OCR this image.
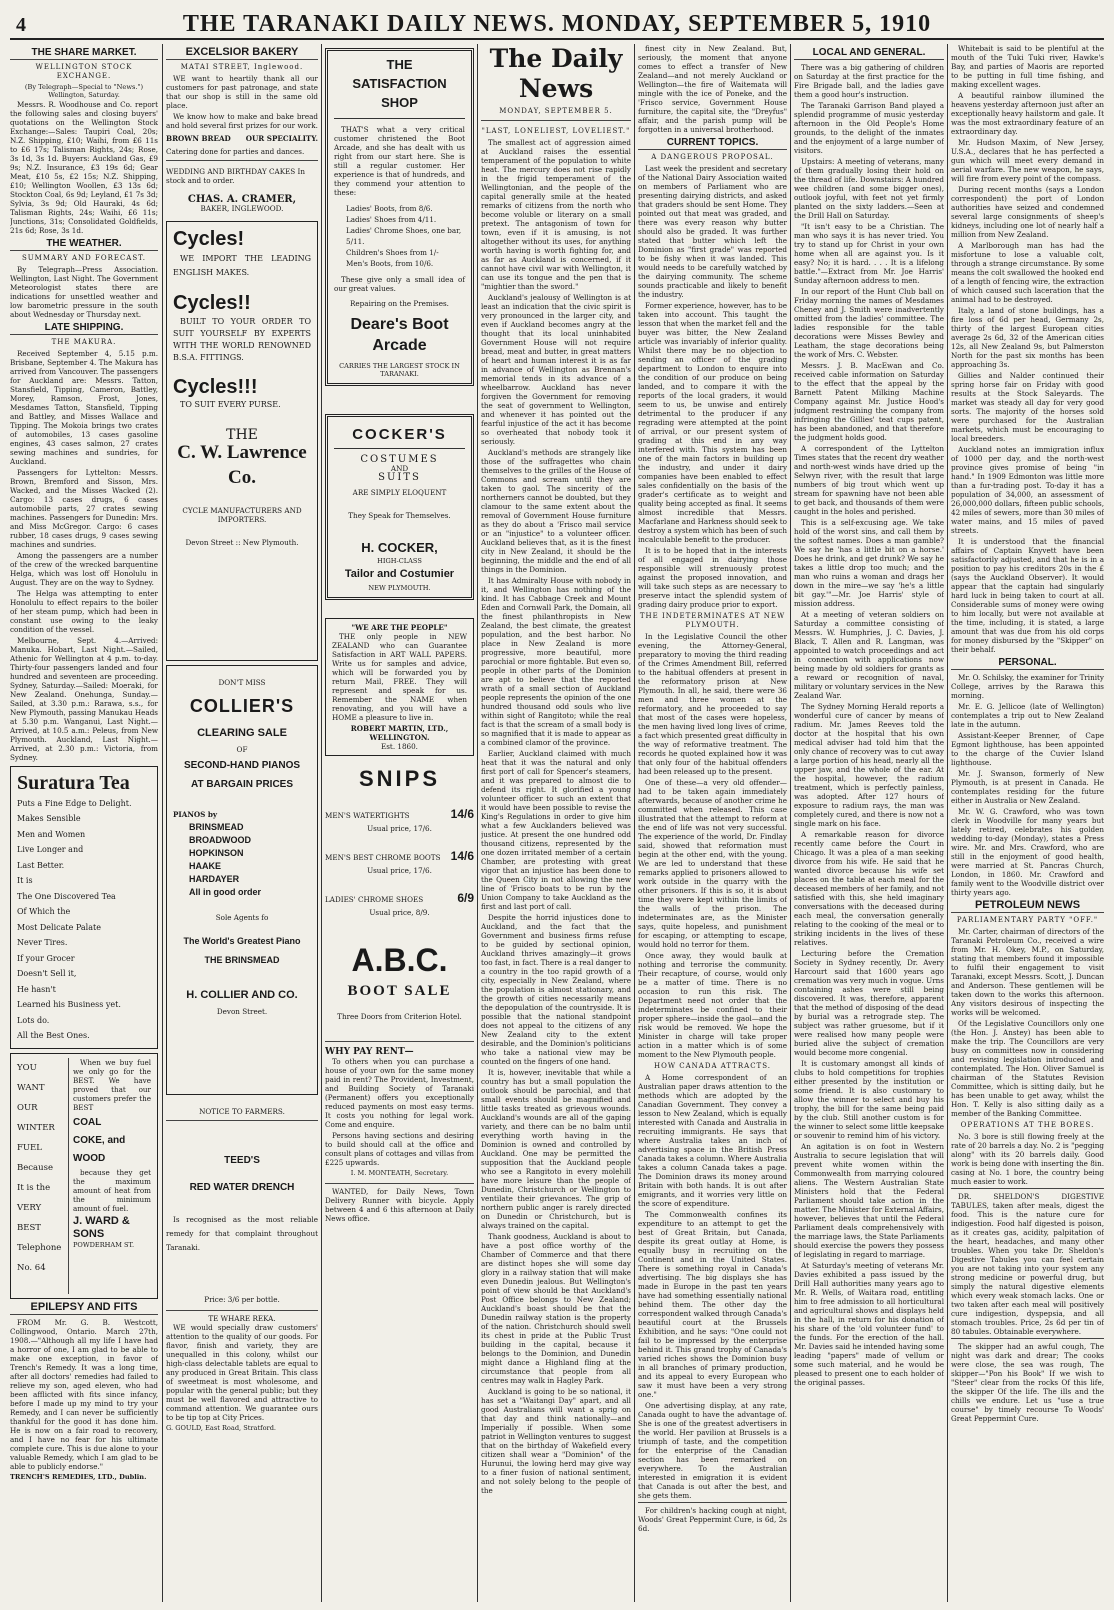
4	THE TARANAKI DAILY NEWS. MONDAY, SEPTEMBER 5, 1910
THE SHARE MARKET.
WELLINGTON STOCK EXCHANGE.
(By Telegraph—Special to "News.") Wellington, Saturday.

Messrs. R. Woodhouse and Co. report the following sales and closing buyers' quotations on the Wellington Stock Exchange:—Sales: Taupiri Coal, 20s; N.Z. Shipping, £10; Waihi, from £6 11s to £6 17s; Talisman Rights, 24s; Rose, 3s 1d, 3s 1d. Buyers: Auckland Gas, £9 9s; N.Z. Insurance, £3 19s 6d; Gear Meat, £10 5s, £2 15s; N.Z. Shipping, £10; Wellington Woollen, £3 13s 6d; Stockton Coal, 6s 9d; Leyland, £1 7s 3d; Sylvia, 3s 9d; Old Hauraki, 4s 6d; Talisman Rights, 24s; Waihi, £6 11s; Junctions, 31s; Consolidated Goldfields, 21s 6d; Rose, 3s 1d.

THE WEATHER.
SUMMARY AND FORECAST.

By Telegraph—Press Association. Wellington, Last Night. The Government Meteorologist states there are indications for unsettled weather and low barometric pressure in the south about Wednesday or Thursday next.

LATE SHIPPING.
THE MAKURA.

Received September 4, 5.15 p.m. Brisbane, September 4. The Makura has arrived from Vancouver. The passengers for Auckland are: Messrs. Tatton, Stansfield, Tipping, Cameron, Battley, Morey, Ramson, Frost, Jones, Mesdames Tatton, Stansfield, Tipping and Battley, and Misses Wallace and Tipping. The Mokoia brings two crates of automobiles, 13 cases gasoline engines, 43 cases salmon, 27 crates sewing machines and sundries, for Auckland.

Passengers for Lyttelton: Messrs. Brown, Bremford and Sisson, Mrs. Wacked, and the Misses Wacked (2). Cargo: 13 cases drugs, 6 cases automobile parts, 27 crates sewing machines. Passengers for Dunedin: Mrs. and Miss McGregor. Cargo: 6 cases rubber, 18 cases drugs, 9 cases sewing machines and sundries.

Among the passengers are a number of the crew of the wrecked barquentine Helga, which was lost off Honolulu in August. They are on the way to Sydney.

The Helga was attempting to enter Honolulu to effect repairs to the boiler of her steam pump, which had been in constant use owing to the leaky condition of the vessel.

Melbourne, Sept. 4.—Arrived: Manuka. Hobart, Last Night.—Sailed, Athenic for Wellington at 4 p.m. to-day. Thirty-four passengers landed and four hundred and seventeen are proceeding. Sydney, Saturday.—Sailed: Moeraki, for New Zealand. Onehunga, Sunday.—Sailed, at 3.30 p.m.: Rarawa, s.s., for New Plymouth, passing Manukau Heads at 5.30 p.m. Wanganui, Last Night.—Arrived, at 10.5 a.m.: Peleus, from New Plymouth. Auckland, Last Night.—Arrived, at 2.30 p.m.: Victoria, from Sydney.

Suratura Tea
Puts a Fine Edge to Delight.
Makes Sensible
Men and Women
Live Longer and
Last Better.
It is
The One Discovered Tea
Of Which the
Most Delicate Palate
Never Tires.
If your Grocer
Doesn't Sell it,
He hasn't
Learned his Business yet.
Lots do.
All the Best Ones.
YOU
WANT
OUR
WINTER
FUEL
Because
It is the
VERY
BEST
Telephone
No. 64

When we buy fuel we only go for the BEST. We have proved that our customers prefer the BEST

COAL
COKE, and
WOOD

because they get the maximum amount of heat from the minimum amount of fuel.

J. WARD & SONS
POWDERHAM ST.
EPILEPSY AND FITS

FROM Mr. G. B. Westcott, Collingwood, Ontario. March 27th, 1908.—"Although all my life I have had a horror of one, I am glad to be able to make one exception, in favor of Trench's Remedy. It was a long time, after all doctors' remedies had failed to relieve my son, aged eleven, who had been afflicted with fits since infancy, before I made up my mind to try your Remedy, and I can never be sufficiently thankful for the good it has done him. He is now on a fair road to recovery, and I have no fear for his ultimate complete cure. This is due alone to your valuable Remedy, which I am glad to be able to publicly endorse."

TRENCH'S REMEDIES, LTD., Dublin.
EXCELSIOR BAKERY
MATAI STREET, Inglewood.

WE want to heartily thank all our customers for past patronage, and state that our shop is still in the same old place.

We know how to make and bake bread and hold several first prizes for our work.

BROWN BREAD OUR SPECIALITY.
Catering done for parties and dances.
WEDDING AND BIRTHDAY CAKES In stock and to order.
CHAS. A. CRAMER,
BAKER, INGLEWOOD.
Cycles!

WE IMPORT THE LEADING ENGLISH MAKES.

Cycles!!

BUILT TO YOUR ORDER TO SUIT YOURSELF BY EXPERTS WITH THE WORLD RENOWNED B.S.A. FITTINGS.

Cycles!!!

TO SUIT EVERY PURSE.

THE
C. W. Lawrence Co.
CYCLE MANUFACTURERS AND IMPORTERS.
Devon Street :: New Plymouth.
DON'T MISS
COLLIER'S
CLEARING SALE
OF
SECOND-HAND PIANOS
AT BARGAIN PRICES
PIANOS by
BRINSMEAD
BROADWOOD
HOPKINSON
HAAKE
HARDAYER
All in good order
Sole Agents fo
The World's Greatest Piano
THE BRINSMEAD
H. COLLIER AND CO.
Devon Street.
NOTICE TO FARMERS.
TEED'S
RED WATER DRENCH

Is recognised as the most reliable remedy for that complaint throughout Taranaki.

Price: 3/6 per bottle.
TE WHARE REKA.

WE would specially draw customers' attention to the quality of our goods. For flavor, finish and variety, they are unequalled in this colony, whilst our high-class delectable tablets are equal to any produced in Great Britain. This class of sweetmeat is most wholesome, and popular with the general public; but they must be well flavored and attractive to command attention. We guarantee ours to be tip top at City Prices.

G. GOULD, East Road, Stratford.
THE
SATISFACTION SHOP

THAT'S what a very critical customer christened the Boot Arcade, and she has dealt with us right from our start here. She is still a regular customer. Her experience is that of hundreds, and they commend your attention to these:

Ladies' Boots, from 8/6.
Ladies' Shoes from 4/11.
Ladies' Chrome Shoes, one bar, 5/11.
Children's Shoes from 1/-
Men's Boots, from 10/6.

These give only a small idea of our great values.

Repairing on the Premises.
Deare's Boot Arcade
CARRIES THE LARGEST STOCK IN TARANAKI.
COCKER'S
COSTUMES
AND
SUITS
ARE SIMPLY ELOQUENT
They Speak for Themselves.
H. COCKER,
HIGH-CLASS
Tailor and Costumier
NEW PLYMOUTH.
"WE ARE THE PEOPLE"

THE only people in NEW ZEALAND who can Guarantee Satisfaction in ART WALL PAPERS. Write us for samples and advice, which will be forwarded you by return Mail, FREE. They will represent and speak for us. Remember the NAME when renovating, and you will have a HOME a pleasure to live in.

ROBERT MARTIN, LTD., WELLINGTON.
Est. 1860.
SNIPS
MEN'S WATERTIGHTS	14/6
Usual price, 17/6.
MEN'S BEST CHROME BOOTS 14/6
Usual price, 17/6.
LADIES' CHROME SHOES	6/9
Usual price, 8/9.
A.B.C.
BOOT SALE
Three Doors from Criterion Hotel.
WHY PAY RENT—

To others when you can purchase a house of your own for the same money paid in rent? The Provident, Investment, and Building Society of Taranaki (Permanent) offers you exceptionally reduced payments on most easy terms. It costs you nothing for legal work. Come and enquire.

Persons having sections and desiring to build should call at the office and consult plans of cottages and villas from £225 upwards.

I. M. MONTEATH, Secretary.

WANTED, for Daily News, Town Delivery Runner with bicycle. Apply between 4 and 6 this afternoon at Daily News office.

The Daily News
MONDAY, SEPTEMBER 5.
"LAST, LONELIEST, LOVELIEST."

The smallest act of aggression aimed at Auckland raises the essential temperament of the population to white heat. The mercury does not rise rapidly in the frigid temperament of the Wellingtonian, and the people of the capital generally smile at the heated remarks of citizens from the north who become voluble or literary on a small pretext. The antagonism of town for town, even if it is amusing, is not altogether without its uses, for anything worth having is worth fighting for, and as far as Auckland is concerned, if it cannot have civil war with Wellington, it can use its tongue and the pen that is "mightier than the sword."

Auckland's jealousy of Wellington is at least an indication that the civic spirit is very pronounced in the larger city, and even if Auckland becomes angry at the thought that its local uninhabited Government House will not require bread, meat and butter, in great matters of heart and human interest it is as far in advance of Wellington as Brennan's memorial tends in its advance of a wheelbarrow. Auckland has never forgiven the Government for removing the seat of government to Wellington, and whenever it has pointed out the fearful injustice of the act it has become so overheated that nobody took it seriously.

Auckland's methods are strangely like those of the suffragettes who chain themselves to the grilles of the House of Commons and scream until they are taken to gaol. The sincerity of the northerners cannot be doubted, but they clamour to the same extent about the removal of Government House furniture as they do about a 'Frisco mail service or an "injustice" to a volunteer officer. Auckland believes that, as it is the finest city in New Zealand, it should be the beginning, the middle and the end of all things in the Dominion.

It has Admiralty House with nobody in it, and Wellington has nothing of the kind. It has Cabbage Creek and Mount Eden and Cornwall Park, the Domain, all the finest philanthropists in New Zealand, the best climate, the greatest population, and the best harbor. No place in New Zealand is more progressive, more beautiful, more parochial or more fightable. But even so, people in other parts of the Dominion are apt to believe that the reported wrath of a small section of Auckland people represents the opinion of the one hundred thousand odd souls who live within sight of Rangitoto; while the real fact is that the scream of a small body is so magnified that it is made to appear as a combined clamor of the province.

Earlier, Auckland claimed with much heat that it was the natural and only first port of call for Spencer's steamers, and it was prepared to almost die to defend its right. It glorified a young volunteer officer to such an extent that it would have been possible to revise the King's Regulations in order to give him what a few Aucklanders believed was justice. At present the one hundred odd thousand citizens, represented by the one dozen irritated member of a certain Chamber, are protesting with great vigor that an injustice has been done to the Queen City in not allowing the new line of 'Frisco boats to be run by the Union Company to take Auckland as the first and last port of call.

Despite the horrid injustices done to Auckland, and the fact that the Government and business firms refuse to be guided by sectional opinion, Auckland thrives amazingly—it grows too fast, in fact. There is a real danger to a country in the too rapid growth of a city, especially in New Zealand, where the population is almost stationary, and the growth of cities necessarily means the depopulation of the countryside. It is possible that the national standpoint does not appeal to the citizens of any New Zealand city to the extent desirable, and the Dominion's politicians who take a national view may be counted on the fingers of one hand.

It is, however, inevitable that while a country has but a small population the outlook should be parochial, and that small events should be magnified and little tasks treated as grievous wounds. Auckland's wounds are all of the gaping variety, and there can be no balm until everything worth having in the Dominion is owned and controlled by Auckland. One may be permitted the supposition that the Auckland people who see a Rangitoto in every molehill have more leisure than the people of Dunedin, Christchurch or Wellington to ventilate their grievances. The grip of northern public anger is rarely directed on Dunedin or Christchurch, but is always trained on the capital.

Thank goodness, Auckland is about to have a post office worthy of the Chamber of Commerce and that there are distinct hopes she will some day glory in a railway station that will make even Dunedin jealous. But Wellington's point of view should be that Auckland's Post Office belongs to New Zealand; Auckland's boast should be that the Dunedin railway station is the property of the nation. Christchurch should swell its chest in pride at the Public Trust building in the capital, because it belongs to the Dominion, and Dunedin might dance a Highland fling at the circumstance that people from all centres may walk in Hagley Park.

Auckland is going to be so national, it has set a "Waitangi Day" apart, and all good Australians will want a sprig on that day and think nationally—and Imperially if possible. When some patriot in Wellington ventures to suggest that on the birthday of Wakefield every citizen shall wear a "Dominion" of the Hurunui, the lowing herd may give way to a finer fusion of national sentiment, and not solely belong to the people of the

finest city in New Zealand. But, seriously, the moment that anyone comes to effect a transfer of New Zealand—and not merely Auckland or Wellington—the fire of Waitemata will mingle with the ice of Poneke, and the 'Frisco service, Government House furniture, the capital site, the "Dreyfus" affair, and the parish pump will be forgotten in a universal brotherhood.

CURRENT TOPICS.
A DANGEROUS PROPOSAL.

Last week the president and secretary of the National Dairy Association waited on members of Parliament who are presenting dairying districts, and asked that graders should be sent Home. They pointed out that meat was graded, and there was every reason why butter should also be graded. It was further stated that butter which left the Dominion as "first grade" was reported to be fishy when it was landed. This would needs to be carefully watched by the dairying community. The scheme sounds practicable and likely to benefit the industry.

Former experience, however, has to be taken into account. This taught the lesson that when the market fell and the buyer was bitter, the New Zealand article was invariably of inferior quality. Whilst there may be no objection to sending an officer of the grading department to London to enquire into the condition of our produce on being landed, and to compare it with the reports of the local graders, it would seem to us, be unwise and entirely detrimental to the producer if any regrading were attempted at the point of arrival, or our present system of grading at this end in any way interfered with. This system has been one of the main factors in building up the industry, and under it dairy companies have been enabled to effect sales confidentially on the basis of the grader's certificate as to weight and quality being accepted as final. It seems almost incredible that Messrs. Macfarlane and Harkness should seek to destroy a system which has been of such incalculable benefit to the producer.

It is to be hoped that in the interests of all engaged in dairying those responsible will strenuously protest against the proposed innovation, and will take such steps as are necessary to preserve intact the splendid system of grading dairy produce prior to export.

THE INDETERMINATES AT NEW PLYMOUTH.

In the Legislative Council the other evening, the Attorney-General, preparatory to moving the third reading of the Crimes Amendment Bill, referred to the habitual offenders at present in the reformatory prison at New Plymouth. In all, he said, there were 36 men and three women at the reformatory, and he proceeded to say that most of the cases were hopeless, the men having lived long lives of crime, a fact which presented great difficulty in the way of reformative treatment. The records he quoted explained how it was that only four of the habitual offenders had been released up to the present.

One of these—a very old offender—had to be taken again immediately afterwards, because of another crime he committed when released. This case illustrated that the attempt to reform at the end of life was not very successful. The experience of the world, Dr. Findlay said, showed that reformation must begin at the other end, with the young. We are led to understand that these remarks applied to prisoners allowed to work outside in the quarry with the other prisoners. If this is so, it is about time they were kept within the limits of the walls of the prison. The indeterminates are, as the Minister says, quite hopeless, and punishment for escaping, or attempting to escape, would hold no terror for them.

Once away, they would baulk at nothing and terrorise the community. Their recapture, of course, would only be a matter of time. There is no occasion to run this risk. The Department need not order that the indeterminates be confined to their proper sphere—inside the gaol—and the risk would be removed. We hope the Minister in charge will take proper action in a matter which is of some moment to the New Plymouth people.

HOW CANADA ATTRACTS.

A Home correspondent of an Australian paper draws attention to the methods which are adopted by the Canadian Government. They convey a lesson to New Zealand, which is equally interested with Canada and Australia in recruiting immigrants. He says that where Australia takes an inch of advertising space in the British Press Canada takes a column. Where Australia takes a column Canada takes a page. The Dominion draws its money around Britain with both hands. It is out after emigrants, and it worries very little on the score of expenditure.

The Commonwealth confines its expenditure to an attempt to get the best of Great Britain, but Canada, despite its great outlay at Home, is equally busy in recruiting on the Continent and in the United States. There is something royal in Canada's advertising. The big displays she has made in Europe in the past ten years have had something essentially national behind them. The other day the correspondent walked through Canada's beautiful court at the Brussels Exhibition, and he says: "One could not fail to be impressed by the enterprise behind it. This grand trophy of Canada's varied riches shows the Dominion busy in all branches of primary production, and its appeal to every European who saw it must have been a very strong one."

One advertising display, at any rate, Canada ought to have the advantage of. She is one of the greatest advertisers in the world. Her pavilion at Brussels is a triumph of taste, and the competition for the enterprise of the Canadian section has been remarked on everywhere. To the Australian interested in emigration it is evident that Canada is out after the best, and she gets them.

For children's hacking cough at night, Woods' Great Peppermint Cure, is 6d, 2s 6d.

LOCAL AND GENERAL.

There was a big gathering of children on Saturday at the first practice for the Fire Brigade ball, and the ladies gave them a good hour's instruction.

The Taranaki Garrison Band played a splendid programme of music yesterday afternoon in the Old People's Home grounds, to the delight of the inmates and the enjoyment of a large number of visitors.

Upstairs: A meeting of veterans, many of them gradually losing their hold on the thread of life. Downstairs: A hundred wee children (and some bigger ones), outlook joyful, with feet not yet firmly planted on the sixty ladders.—Seen at the Drill Hall on Saturday.

"It isn't easy to be a Christian. The man who says it is has never tried. You try to stand up for Christ in your own home when all are against you. Is it easy? No; it is hard. . . . It is a lifelong battle."—Extract from Mr. Joe Harris' Sunday afternoon address to men.

In our report of the Hunt Club ball on Friday morning the names of Mesdames Cheney and J. Smith were inadvertently omitted from the ladies' committee. The ladies responsible for the table decorations were Misses Bewley and Leatham, the stage decorations being the work of Mrs. C. Webster.

Messrs. J. B. MacEwan and Co. received cable information on Saturday to the effect that the appeal by the Barnett Patent Milking Machine Company against Mr. Justice Hood's judgment restraining the company from infringing the Gillies' teat cups patent, has been abandoned, and that therefore the judgment holds good.

A correspondent of the Lyttelton Times states that the recent dry weather and north-west winds have dried up the Selwyn river, with the result that large numbers of big trout which went up stream for spawning have not been able to get back, and thousands of them were caught in the holes and perished.

This is a self-excusing age. We take hold of the worst sins, and call them by the softest names. Does a man gamble? We say he 'has a little bit on a horse.' Does he drink, and get drunk? We say he takes a little drop too much; and the man who ruins a woman and drags her down in the mire—we say 'he's a little bit gay.'"—Mr. Joe Harris' style of mission address.

At a meeting of veteran soldiers on Saturday a committee consisting of Messrs. W. Humphries, J. C. Davies, J. Black, T. Allen and R. Langman, was appointed to watch proceedings and act in connection with applications now being made by old soldiers for grants as a reward or recognition of naval, military or voluntary services in the New Zealand War.

The Sydney Morning Herald reports a wonderful cure of cancer by means of radium. Mr. James Reeves told the doctor at the hospital that his own medical adviser had told him that the only chance of recovery was to cut away a large portion of his head, nearly all the upper jaw, and the whole of the ear. At the hospital, however, the radium treatment, which is perfectly painless, was adopted. After 127 hours of exposure to radium rays, the man was completely cured, and there is now not a single mark on his face.

A remarkable reason for divorce recently came before the Court in Chicago. It was a plea of a man seeking divorce from his wife. He said that he wanted divorce because his wife set places on the table at each meal for the deceased members of her family, and not satisfied with this, she held imaginary conversations with the deceased during each meal, the conversation generally relating to the cooking of the meal or to striking incidents in the lives of these relatives.

Lecturing before the Cremation Society in Sydney recently, Dr. Avery Harcourt said that 1600 years ago cremation was very much in vogue. Urns containing ashes were still being discovered. It was, therefore, apparent that the method of disposing of the dead by burial was a retrograde step. The subject was rather gruesome, but if it were realised how many people were buried alive the subject of cremation would become more congenial.

It is customary amongst all kinds of clubs to hold competitions for trophies either presented by the institution or some friend. It is also customary to allow the winner to select and buy his trophy, the bill for the same being paid by the club. Still another custom is for the winner to select some little keepsake or souvenir to remind him of his victory.

An agitation is on foot in Western Australia to secure legislation that will prevent white women within the Commonwealth from marrying coloured aliens. The Western Australian State Ministers hold that the Federal Parliament should take action in the matter. The Minister for External Affairs, however, believes that until the Federal Parliament deals comprehensively with the marriage laws, the State Parliaments should exercise the powers they possess of legislating in regard to marriage.

At Saturday's meeting of veterans Mr. Davies exhibited a pass issued by the Drill Hall authorities many years ago to Mr. R. Wells, of Waitara road, entitling him to free admission to all horticultural and agricultural shows and displays held in the hall, in return for his donation of his share of the 'old volunteer fund' to the funds. For the erection of the hall. Mr. Davies said he intended having some leading "papers" made of vellum or some such material, and he would be pleased to present one to each holder of the original passes.

Whitebait is said to be plentiful at the mouth of the Tuki Tuki river, Hawke's Bay, and parties of Maoris are reported to be putting in full time fishing, and making excellent wages.

A beautiful rainbow illumined the heavens yesterday afternoon just after an exceptionally heavy hailstorm and gale. It was the most extraordinary feature of an extraordinary day.

Mr. Hudson Maxim, of New Jersey, U.S.A., declares that he has perfected a gun which will meet every demand in aerial warfare. The new weapon, he says, will fire from every point of the compass.

During recent months (says a London correspondent) the port of London authorities have seized and condemned several large consignments of sheep's kidneys, including one lot of nearly half a million from New Zealand.

A Marlborough man has had the misfortune to lose a valuable colt, through a strange circumstance. By some means the colt swallowed the hooked end of a length of fencing wire, the extraction of which caused such laceration that the animal had to be destroyed.

Italy, a land of stone buildings, has a fire loss of 6d per head, Germany 2s, thirty of the largest European cities average 2s 6d, 32 of the American cities 12s, all New Zealand 9s, but Palmerston North for the past six months has been approaching 3s.

Gillies and Nalder continued their spring horse fair on Friday with good results at the Stock Saleyards. The market was steady all day for very good sorts. The majority of the horses sold were purchased for the Australian markets, which must be encouraging to local breeders.

Auckland notes an immigration influx of 1000 per day, and the north-west province gives promise of being "in hand." In 1909 Edmonton was little more than a fur-trading post. To-day it has a population of 34,000, an assessment of 26,000,000 dollars, fifteen public schools, 42 miles of sewers, more than 30 miles of water mains, and 15 miles of paved streets.

It is understood that the financial affairs of Captain Knyvett have been satisfactorily adjusted, and that he is in a position to pay his creditors 20s in the £ (says the Auckland Observer). It would appear that the captain had singularly hard luck in being taken to court at all. Considerable sums of money were owing to him locally, but were not available at the time, including, it is stated, a large amount that was due from his old corps for money disbursed by the "Skipper" on their behalf.

PERSONAL.

Mr. O. Schilsky, the examiner for Trinity College, arrives by the Rarawa this morning.

Mr. E. G. Jellicoe (late of Wellington) contemplates a trip out to New Zealand late in the autumn.

Assistant-Keeper Brenner, of Cape Egmont lighthouse, has been appointed to the charge of the Cuvier Island lighthouse.

Mr. J. Swanson, formerly of New Plymouth, is at present in Canada. He contemplates residing for the future either in Australia or New Zealand.

Mr. W. G. Crawford, who was town clerk in Woodville for many years but lately retired, celebrates his golden wedding to-day (Monday), states a Press wire. Mr. and Mrs. Crawford, who are still in the enjoyment of good health, were married at St. Pancras Church, London, in 1860. Mr. Crawford and family went to the Woodville district over thirty years ago.

PETROLEUM NEWS
PARLIAMENTARY PARTY "OFF."

Mr. Carter, chairman of directors of the Taranaki Petroleum Co., received a wire from Mr. H. Okey, M.P., on Saturday, stating that members found it impossible to fulfil their engagement to visit Taranaki, except Messrs. Scott, J. Duncan and Anderson. These gentlemen will be taken down to the works this afternoon. Any visitors desirous of inspecting the works will be welcomed.

Of the Legislative Councillors only one (the Hon. J. Anstey) has been able to make the trip. The Councillors are very busy on committees now in considering and revising legislation introduced and contemplated. The Hon. Oliver Samuel is chairman of the Statutes Revision Committee, which is sitting daily, but he has been unable to get away, whilst the Hon. T. Kelly is also sitting daily as a member of the Banking Committee.

OPERATIONS AT THE BORES.

No. 3 bore is still flowing freely at the rate of 20 barrels a day. No. 2 is "pegging along" with its 20 barrels daily. Good work is being done with inserting the 8in. casing at No. 1 bore, the country being much easier to work.

DR. SHELDON'S DIGESTIVE TABULES, taken after meals, digest the food. This is the nature cure for indigestion. Food half digested is poison, as it creates gas, acidity, palpitation of the heart, headaches, and many other troubles. When you take Dr. Sheldon's Digestive Tabules you can feel certain you are not taking into your system any strong medicine or powerful drug, but simply the natural digestive elements which every weak stomach lacks. One or two taken after each meal will positively cure indigestion, dyspepsia, and all stomach troubles. Price, 2s 6d per tin of 80 tabules. Obtainable everywhere.

The skipper had an awful cough, The night was dark and drear; The cooks were close, the sea was rough, The skipper—"Pon his Book" If we wish to "Steer" clear from the rocks Of this life, the skipper Of the life. The ills and the chills we endure. Let us "use a true course" by timely recourse To Woods' Great Peppermint Cure.
